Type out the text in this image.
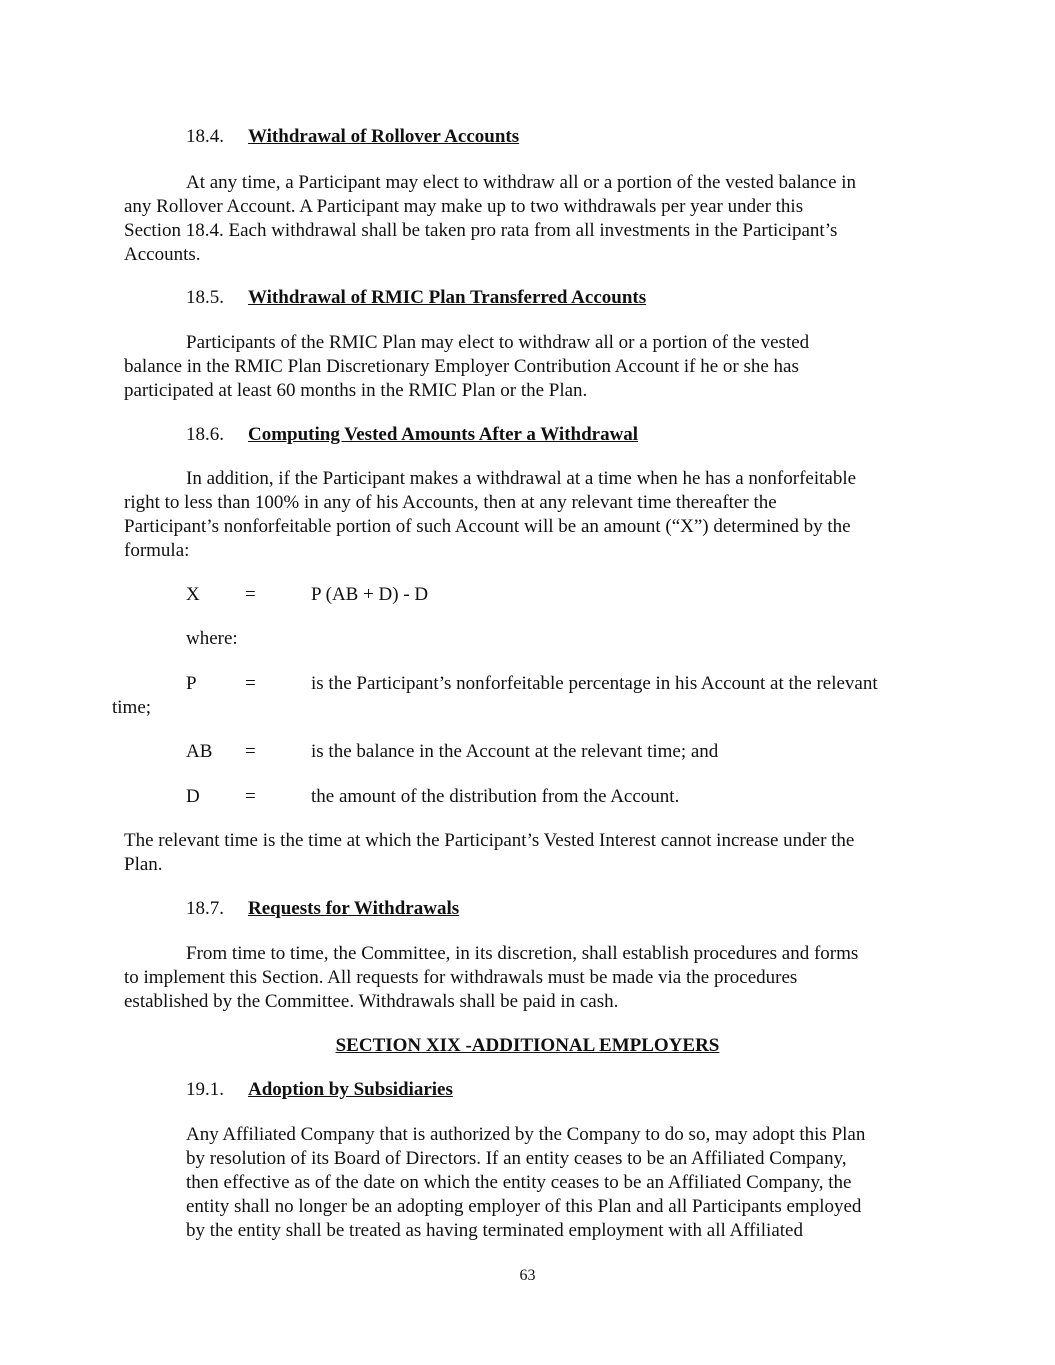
18.4. Withdrawal of Rollover Accounts
At any time, a Participant may elect to withdraw all or a portion of the vested balance in
any Rollover Account. A Participant may make up to two withdrawals per year under this
Section 18.4. Each withdrawal shall be taken pro rata from all investments in the Participant’s
Accounts.
18.5. Withdrawal of RMIC Plan Transferred Accounts
Participants of the RMIC Plan may elect to withdraw all or a portion of the vested
balance in the RMIC Plan Discretionary Employer Contribution Account if he or she has
participated at least 60 months in the RMIC Plan or the Plan.
18.6. Computing Vested Amounts After a Withdrawal
In addition, if the Participant makes a withdrawal at a time when he has a nonforfeitable
right to less than 100% in any of his Accounts, then at any relevant time thereafter the
Participant’s nonforfeitable portion of such Account will be an amount (“X”) determined by the
formula:
X =	P (AB + D) - D
where:
P	=	is the Participant’s nonforfeitable percentage in his Account at the relevant
time;
AB =	is the balance in the Account at the relevant time; and
D =	the amount of the distribution from the Account.
The relevant time is the time at which the Participant’s Vested Interest cannot increase under the
Plan.
18.7. Requests for Withdrawals
From time to time, the Committee, in its discretion, shall establish procedures and forms
to implement this Section. All requests for withdrawals must be made via the procedures
established by the Committee. Withdrawals shall be paid in cash.
SECTION XIX -ADDITIONAL EMPLOYERS
19.1. Adoption by Subsidiaries
Any Affiliated Company that is authorized by the Company to do so, may adopt this Plan
by resolution of its Board of Directors. If an entity ceases to be an Affiliated Company,
then effective as of the date on which the entity ceases to be an Affiliated Company, the
entity shall no longer be an adopting employer of this Plan and all Participants employed
by the entity shall be treated as having terminated employment with all Affiliated
63
